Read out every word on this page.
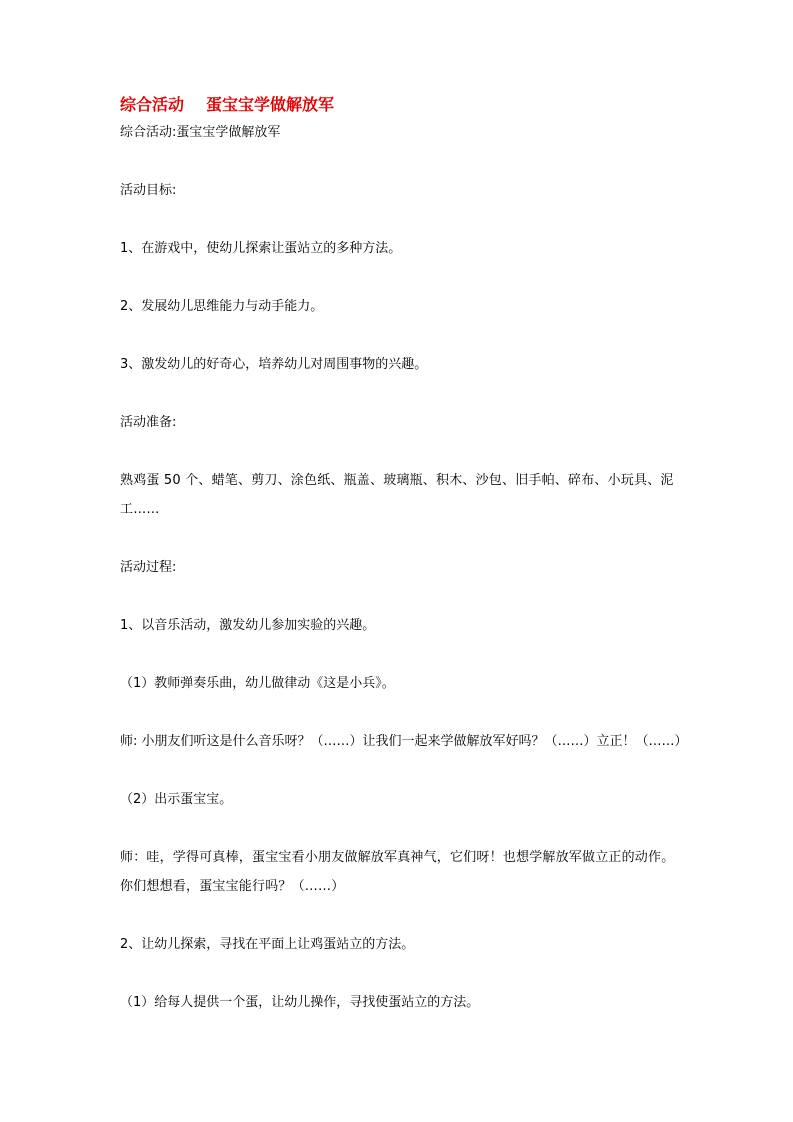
综合活动 蛋宝宝学做解放军
综合活动:蛋宝宝学做解放军

活动目标:

1、在游戏中，使幼儿探索让蛋站立的多种方法。

2、发展幼儿思维能力与动手能力。

3、激发幼儿的好奇心，培养幼儿对周围事物的兴趣。

活动准备:

熟鸡蛋 50 个、蜡笔、剪刀、涂色纸、瓶盖、玻璃瓶、积木、沙包、旧手帕、碎布、小玩具、泥工……

活动过程:

1、以音乐活动，激发幼儿参加实验的兴趣。

（1）教师弹奏乐曲，幼儿做律动《这是小兵》。

师: 小朋友们听这是什么音乐呀？（……）让我们一起来学做解放军好吗？（……）立正！（……）

（2）出示蛋宝宝。

师：哇，学得可真棒，蛋宝宝看小朋友做解放军真神气，它们呀！也想学解放军做立正的动作。你们想想看，蛋宝宝能行吗？（……）

2、让幼儿探索，寻找在平面上让鸡蛋站立的方法。

（1）给每人提供一个蛋，让幼儿操作，寻找使蛋站立的方法。
